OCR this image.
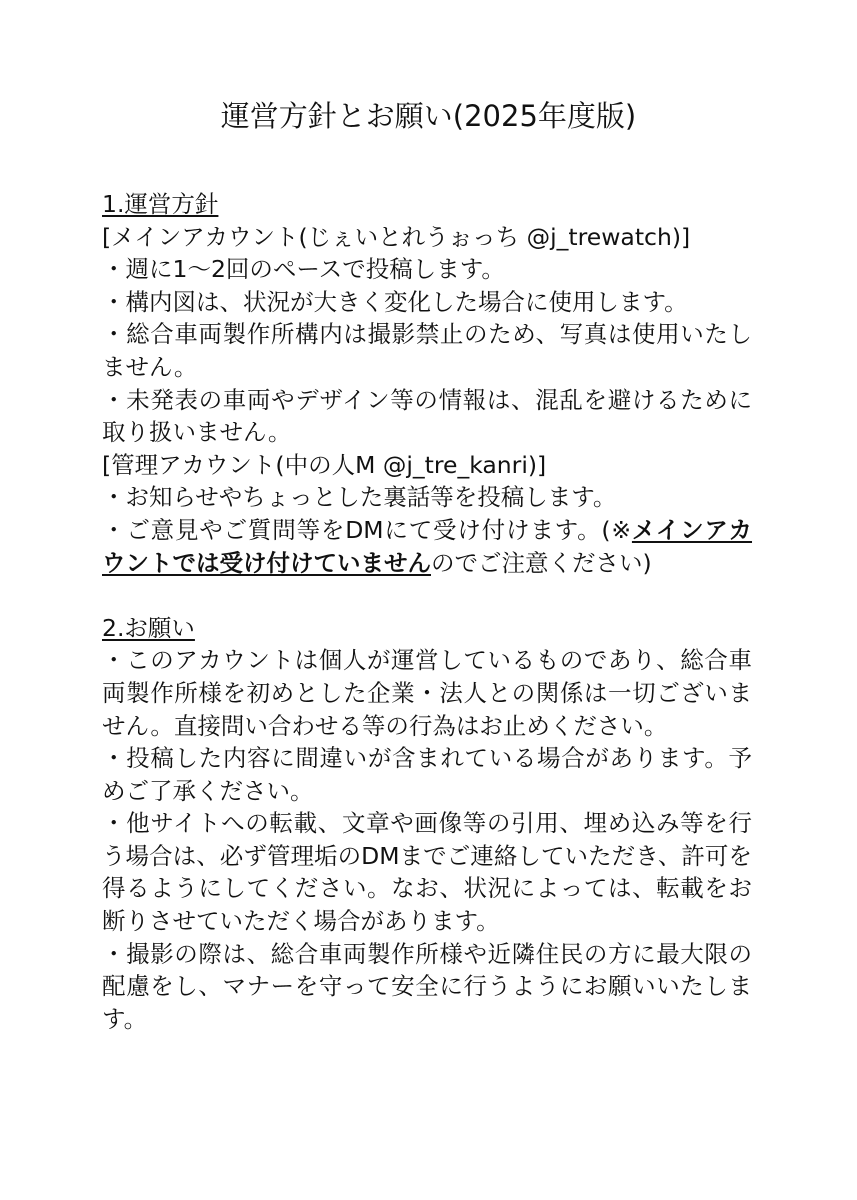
運営方針とお願い(2025年度版)
1.運営方針
[メインアカウント(じぇいとれうぉっち @j_trewatch)]
・週に1〜2回のペースで投稿します。
・構内図は、状況が大きく変化した場合に使用します。
・総合車両製作所構内は撮影禁止のため、写真は使用いたしません。
・未発表の車両やデザイン等の情報は、混乱を避けるために取り扱いません。
[管理アカウント(中の人M @j_tre_kanri)]
・お知らせやちょっとした裏話等を投稿します。
・ご意見やご質問等をDMにて受け付けます。(※メインアカウントでは受け付けていませんのでご注意ください)
2.お願い
・このアカウントは個人が運営しているものであり、総合車両製作所様を初めとした企業・法人との関係は一切ございません。直接問い合わせる等の行為はお止めください。
・投稿した内容に間違いが含まれている場合があります。予めご了承ください。
・他サイトへの転載、文章や画像等の引用、埋め込み等を行う場合は、必ず管理垢のDMまでご連絡していただき、許可を得るようにしてください。なお、状況によっては、転載をお断りさせていただく場合があります。
・撮影の際は、総合車両製作所様や近隣住民の方に最大限の配慮をし、マナーを守って安全に行うようにお願いいたします。
